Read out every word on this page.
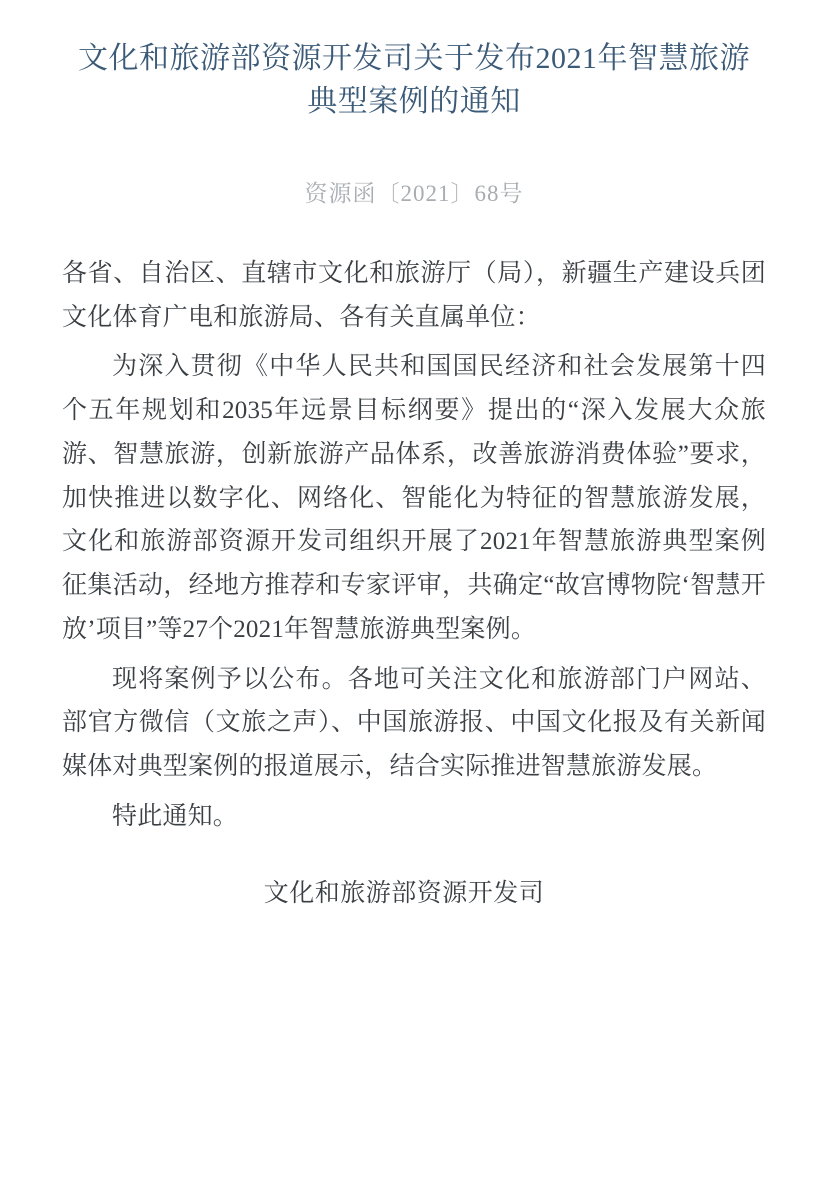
文化和旅游部资源开发司关于发布2021年智慧旅游
典型案例的通知
资源函〔2021〕68号

各省、自治区、直辖市文化和旅游厅（局），新疆生产建设兵团文化体育广电和旅游局、各有关直属单位：

为深入贯彻《中华人民共和国国民经济和社会发展第十四个五年规划和2035年远景目标纲要》提出的“深入发展大众旅游、智慧旅游，创新旅游产品体系，改善旅游消费体验”要求，加快推进以数字化、网络化、智能化为特征的智慧旅游发展，文化和旅游部资源开发司组织开展了2021年智慧旅游典型案例征集活动，经地方推荐和专家评审，共确定“故宫博物院‘智慧开放’项目”等27个2021年智慧旅游典型案例。

现将案例予以公布。各地可关注文化和旅游部门户网站、部官方微信（文旅之声）、中国旅游报、中国文化报及有关新闻媒体对典型案例的报道展示，结合实际推进智慧旅游发展。

特此通知。

文化和旅游部资源开发司
